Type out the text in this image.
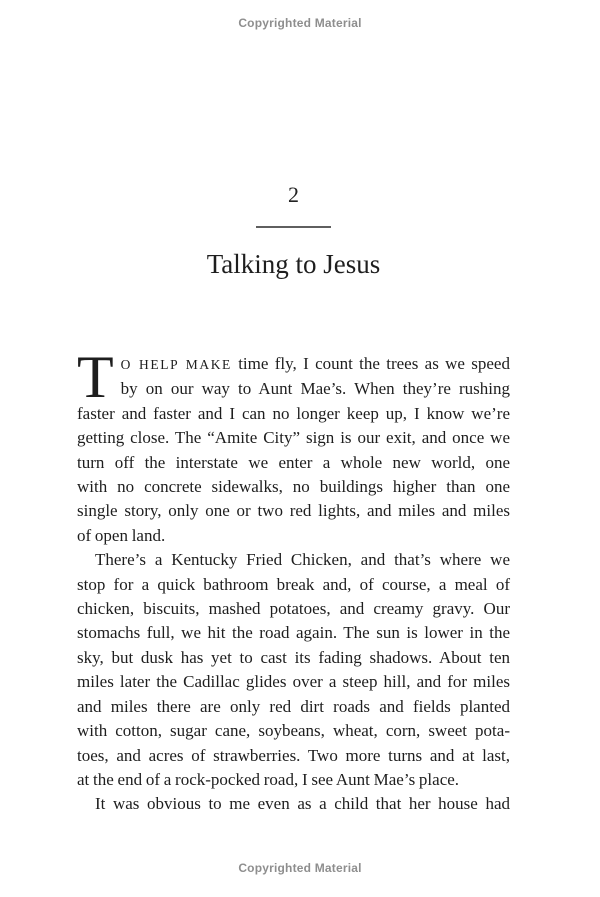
Copyrighted Material
2
Talking to Jesus
T O HELP MAKE time fly, I count the trees as we speed
by on our way to Aunt Mae’s. When they’re rushing
faster and faster and I can no longer keep up, I know we’re
getting close. The “Amite City” sign is our exit, and once we
turn off the interstate we enter a whole new world, one
with no concrete sidewalks, no buildings higher than one
single story, only one or two red lights, and miles and miles
of open land.
There’s a Kentucky Fried Chicken, and that’s where we
stop for a quick bathroom break and, of course, a meal of
chicken, biscuits, mashed potatoes, and creamy gravy. Our
stomachs full, we hit the road again. The sun is lower in the
sky, but dusk has yet to cast its fading shadows. About ten
miles later the Cadillac glides over a steep hill, and for miles
and miles there are only red dirt roads and fields planted
with cotton, sugar cane, soybeans, wheat, corn, sweet pota-
toes, and acres of strawberries. Two more turns and at last,
at the end of a rock-pocked road, I see Aunt Mae’s place.
It was obvious to me even as a child that her house had
Copyrighted Material
